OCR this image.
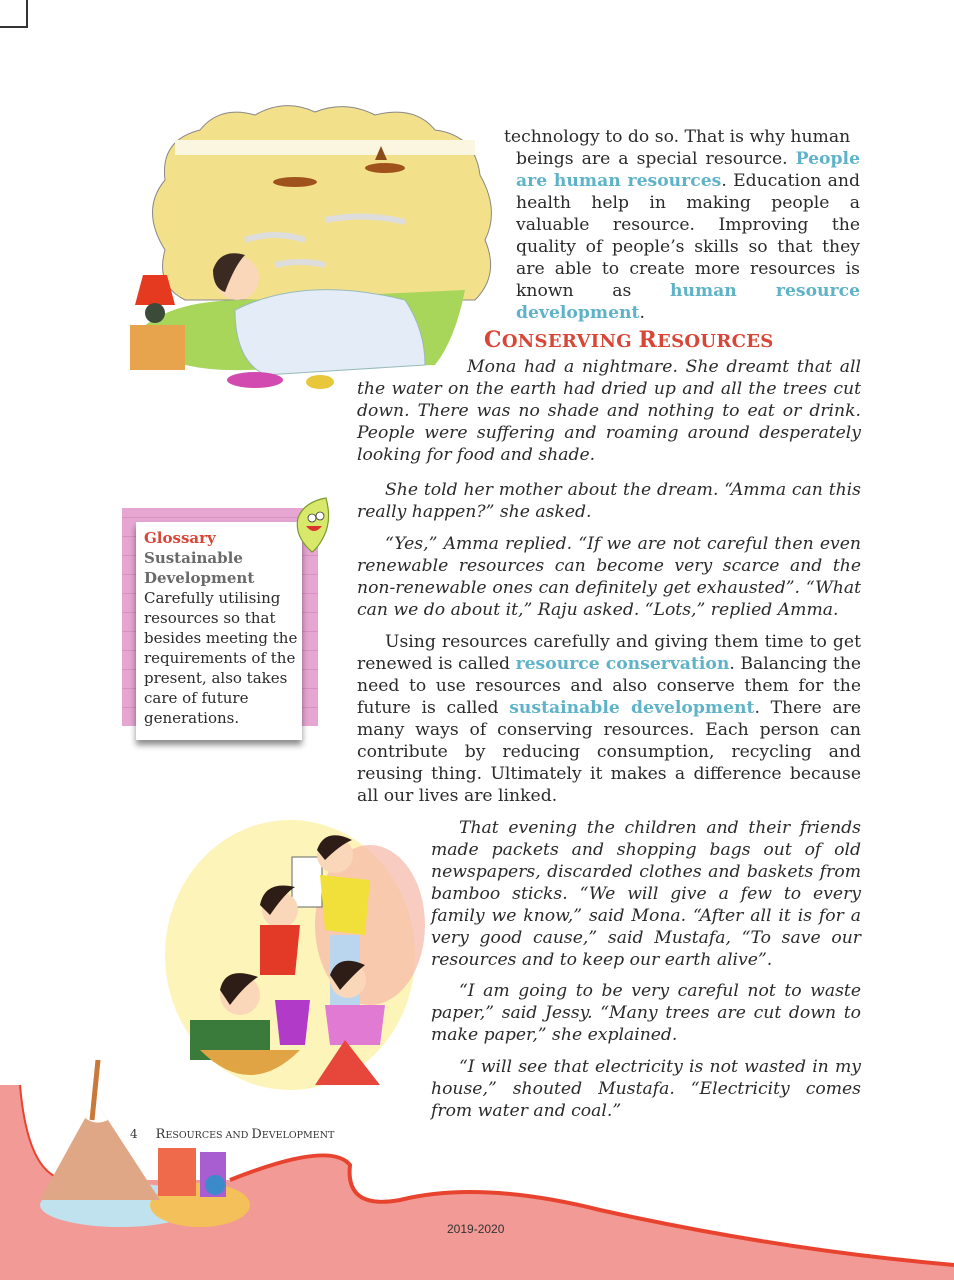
technology to do so. That is why human

beings are a special resource. People are human resources. Education and health help in making people a valuable resource. Improving the quality of people’s skills so that they are able to create more resources is known as human resource development.

CONSERVING RESOURCES

Mona had a nightmare. She dreamt that all the water on the earth had dried up and all the trees cut down. There was no shade and nothing to eat or drink. People were suffering and roaming around desperately looking for food and shade.

She told her mother about the dream. “Amma can this really happen?” she asked.

“Yes,” Amma replied. “If we are not careful then even renewable resources can become very scarce and the non-renewable ones can definitely get exhausted”. “What can we do about it,” Raju asked. “Lots,” replied Amma.

Using resources carefully and giving them time to get renewed is called resource conservation. Balancing the need to use resources and also conserve them for the future is called sustainable development. There are many ways of conserving resources. Each person can contribute by reducing consumption, recycling and reusing thing. Ultimately it makes a difference because all our lives are linked.

Glossary
Sustainable Development
Carefully utilising resources so that besides meeting the requirements of the present, also takes care of future generations.

That evening the children and their friends made packets and shopping bags out of old newspapers, discarded clothes and baskets from bamboo sticks. “We will give a few to every family we know,” said Mona. “After all it is for a very good cause,” said Mustafa, “To save our resources and to keep our earth alive”.

“I am going to be very careful not to waste paper,” said Jessy. “Many trees are cut down to make paper,” she explained.

“I will see that electricity is not wasted in my house,” shouted Mustafa. “Electricity comes from water and coal.”

4 RESOURCES AND DEVELOPMENT
2019-2020
